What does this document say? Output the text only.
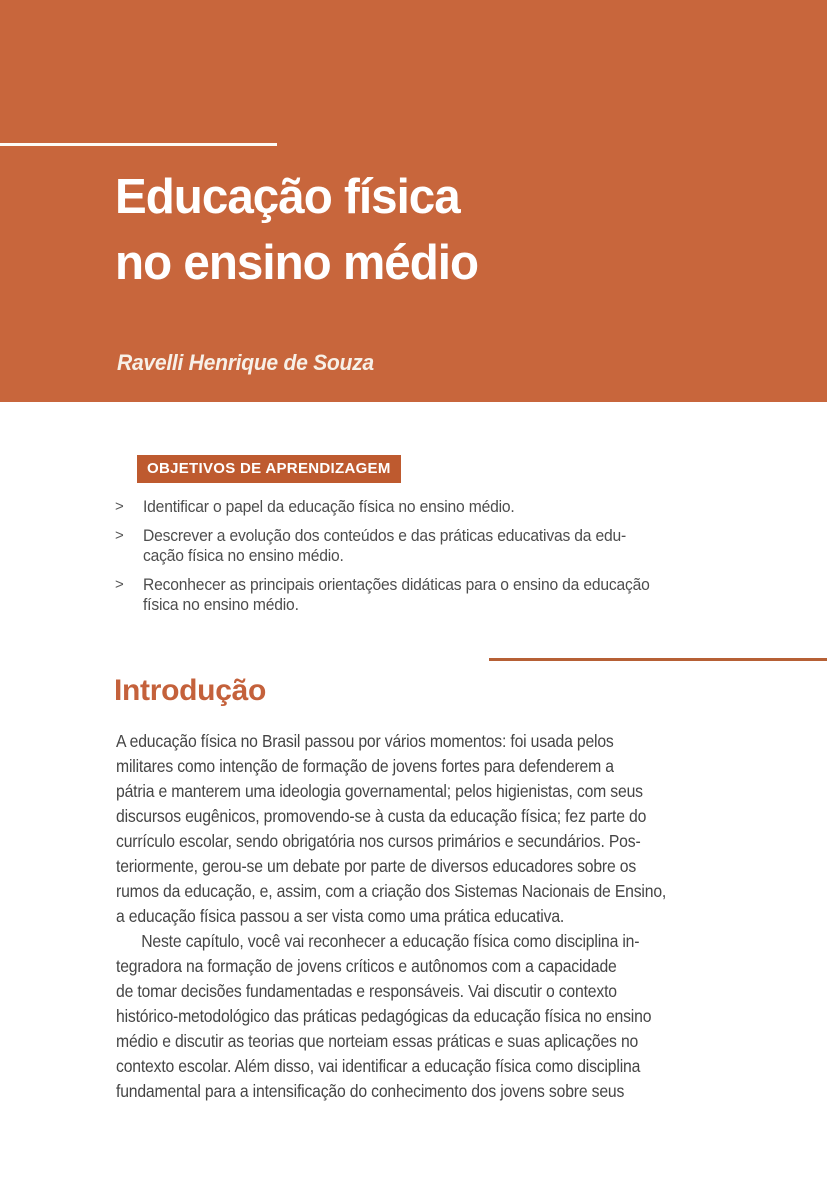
Educação física
no ensino médio

Ravelli Henrique de Souza

OBJETIVOS DE APRENDIZAGEM
>	Identificar o papel da educação física no ensino médio.
>	Descrever a evolução dos conteúdos e das práticas educativas da edu-
cação física no ensino médio.
>	Reconhecer as principais orientações didáticas para o ensino da educação
física no ensino médio.
Introdução

A educação física no Brasil passou por vários momentos: foi usada pelos
militares como intenção de formação de jovens fortes para defenderem a
pátria e manterem uma ideologia governamental; pelos higienistas, com seus
discursos eugênicos, promovendo-se à custa da educação física; fez parte do
currículo escolar, sendo obrigatória nos cursos primários e secundários. Pos-
teriormente, gerou-se um debate por parte de diversos educadores sobre os
rumos da educação, e, assim, com a criação dos Sistemas Nacionais de Ensino,
a educação física passou a ser vista como uma prática educativa.

Neste capítulo, você vai reconhecer a educação física como disciplina in-
tegradora na formação de jovens críticos e autônomos com a capacidade
de tomar decisões fundamentadas e responsáveis. Vai discutir o contexto
histórico-metodológico das práticas pedagógicas da educação física no ensino
médio e discutir as teorias que norteiam essas práticas e suas aplicações no
contexto escolar. Além disso, vai identificar a educação física como disciplina
fundamental para a intensificação do conhecimento dos jovens sobre seus
